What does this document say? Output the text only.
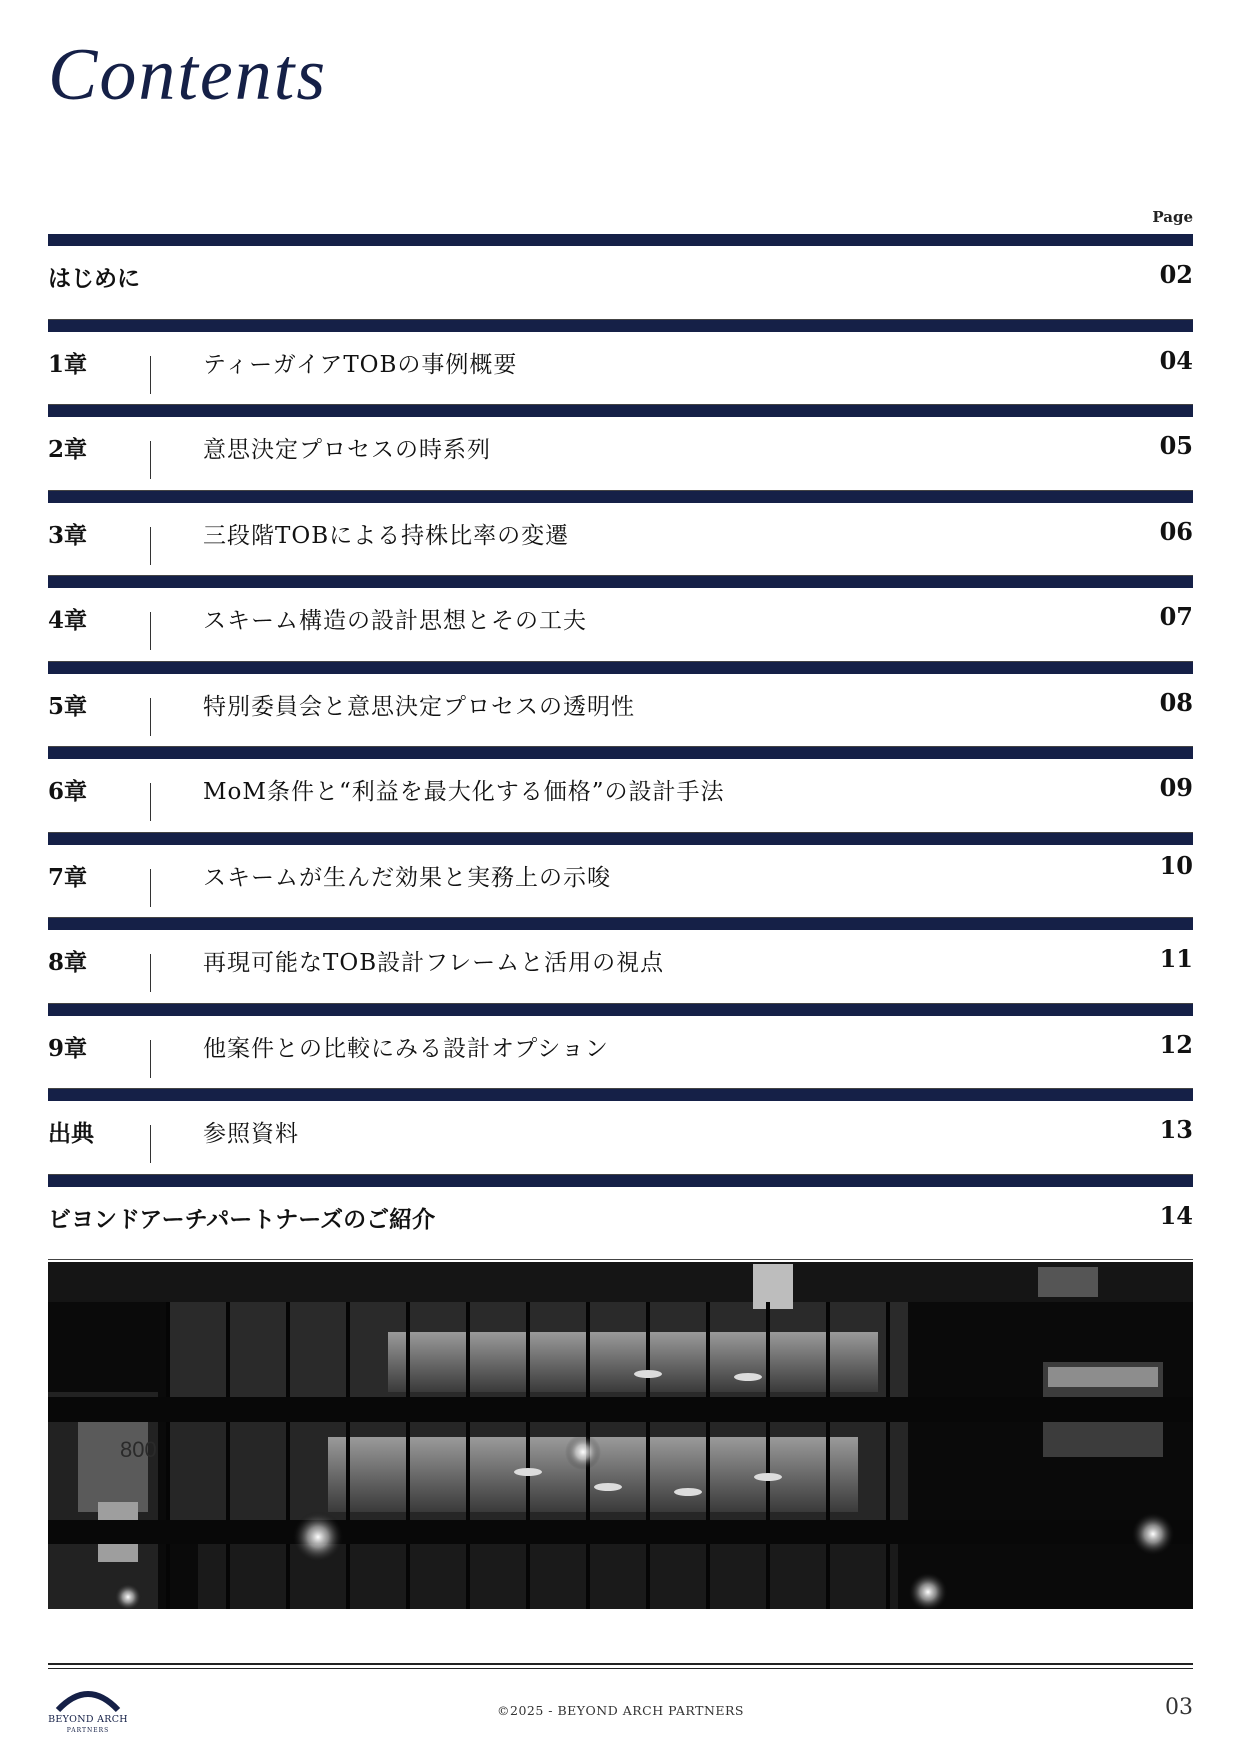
Contents
Page
はじめに	02
1章	ティーガイアTOBの事例概要	04
2章	意思決定プロセスの時系列	05
3章	三段階TOBによる持株比率の変遷	06
4章	スキーム構造の設計思想とその工夫	07
5章	特別委員会と意思決定プロセスの透明性	08
6章	MoM条件と“利益を最大化する価格”の設計手法	09
7章	スキームが生んだ効果と実務上の示唆	10
8章	再現可能なTOB設計フレームと活用の視点	11
9章	他案件との比較にみる設計オプション	12
出典	参照資料	13
ビヨンドアーチパートナーズのご紹介	14
800
BEYOND ARCH
PARTNERS
©2025 - BEYOND ARCH PARTNERS	03
